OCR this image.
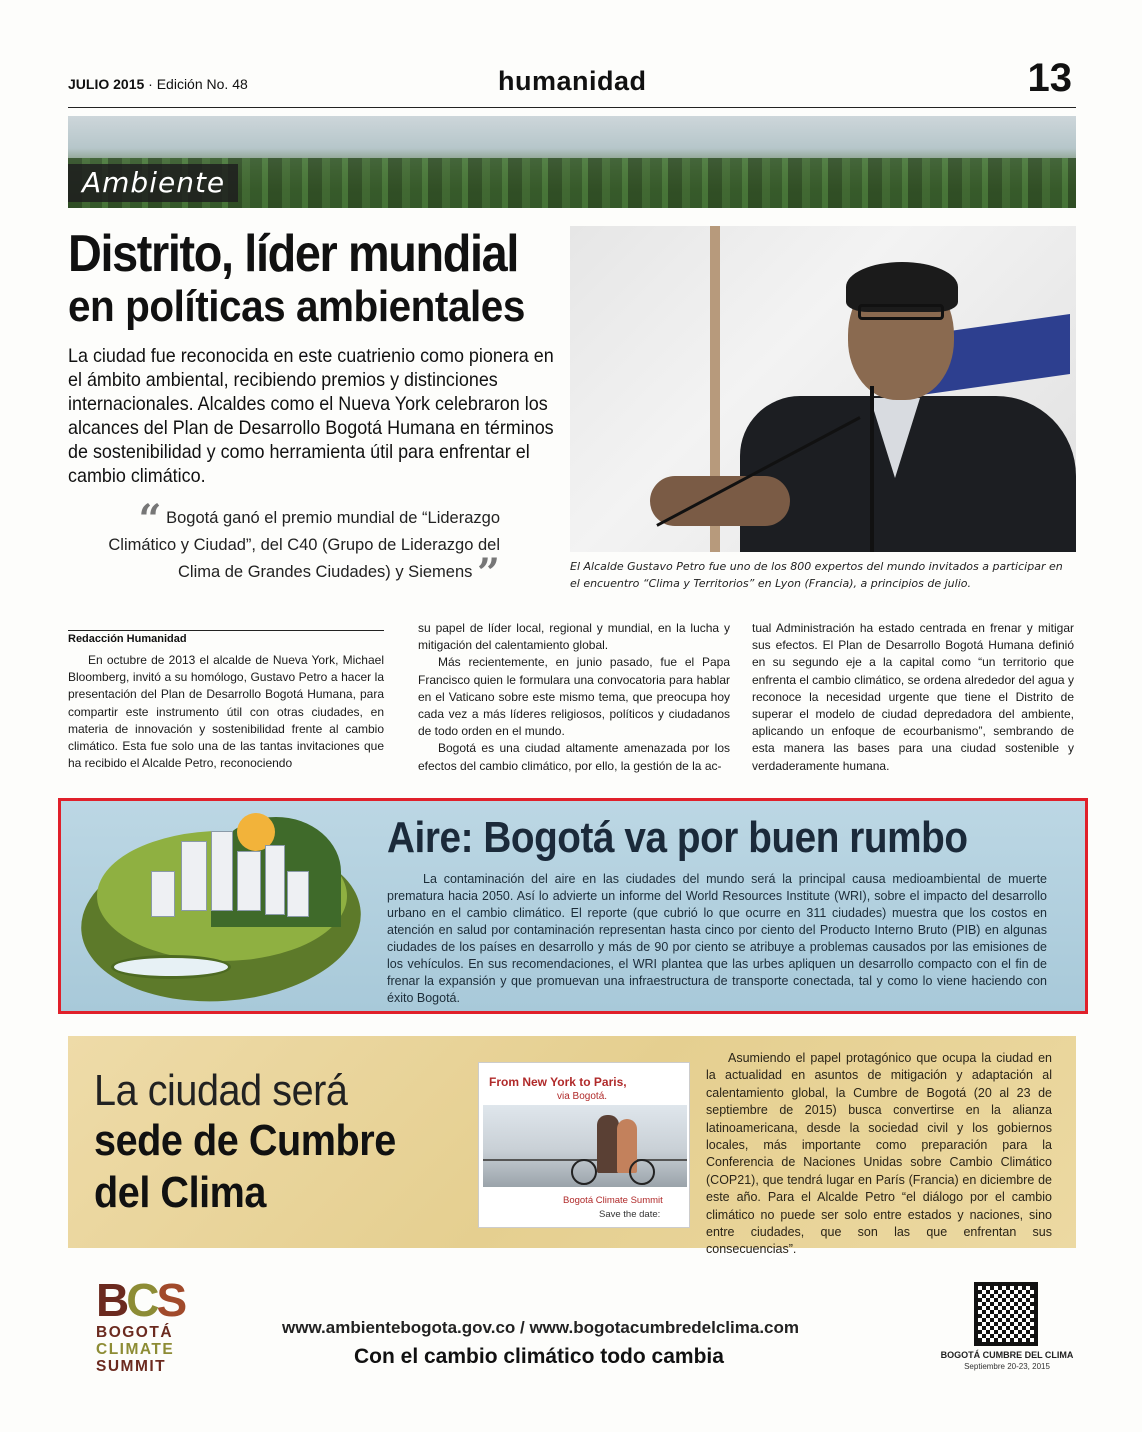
JULIO 2015 · Edición No. 48	humanidad	13
Ambiente
Distrito, líder mundial
en políticas ambientales

La ciudad fue reconocida en este cuatrienio como pionera en el ámbito ambiental, recibiendo premios y distinciones internacionales. Alcaldes como el Nueva York celebraron los alcances del Plan de Desarrollo Bogotá Humana en términos de sostenibilidad y como herramienta útil para enfrentar el cambio climático.

“ Bogotá ganó el premio mundial de “Liderazgo Climático y Ciudad”, del C40 (Grupo de Liderazgo del Clima de Grandes Ciudades) y Siemens ”	El Alcalde Gustavo Petro fue uno de los 800 expertos del mundo invitados a participar en el encuentro “Clima y Territorios” en Lyon (Francia), a principios de julio.

Redacción Humanidad

En octubre de 2013 el alcalde de Nueva York, Michael Bloomberg, invitó a su homólogo, Gustavo Petro a hacer la presentación del Plan de Desarrollo Bogotá Humana, para compartir este instrumento útil con otras ciudades, en materia de innovación y sostenibilidad frente al cambio climático. Esta fue solo una de las tantas invitaciones que ha recibido el Alcalde Petro, reconociendo

su papel de líder local, regional y mundial, en la lucha y mitigación del calentamiento global.

Más recientemente, en junio pasado, fue el Papa Francisco quien le formulara una convocatoria para hablar en el Vaticano sobre este mismo tema, que preocupa hoy cada vez a más líderes religiosos, políticos y ciudadanos de todo orden en el mundo.

Bogotá es una ciudad altamente amenazada por los efectos del cambio climático, por ello, la gestión de la ac-

tual Administración ha estado centrada en frenar y mitigar sus efectos. El Plan de Desarrollo Bogotá Humana definió en su segundo eje a la capital como “un territorio que enfrenta el cambio climático, se ordena alrededor del agua y reconoce la necesidad urgente que tiene el Distrito de superar el modelo de ciudad depredadora del ambiente, aplicando un enfoque de ecourbanismo”, sembrando de esta manera las bases para una ciudad sostenible y verdaderamente humana.

Aire: Bogotá va por buen rumbo

La contaminación del aire en las ciudades del mundo será la principal causa medioambiental de muerte prematura hacia 2050. Así lo advierte un informe del World Resources Institute (WRI), sobre el impacto del desarrollo urbano en el cambio climático. El reporte (que cubrió lo que ocurre en 311 ciudades) muestra que los costos en atención en salud por contaminación representan hasta cinco por ciento del Producto Interno Bruto (PIB) en algunas ciudades de los países en desarrollo y más de 90 por ciento se atribuye a problemas causados por las emisiones de los vehículos. En sus recomendaciones, el WRI plantea que las urbes apliquen un desarrollo compacto con el fin de frenar la expansión y que promuevan una infraestructura de transporte conectada, tal y como lo viene haciendo con éxito Bogotá.

La ciudad será
sede de Cumbre
del Clima
From New York to Paris,
via Bogotá.
Bogotá Climate Summit
Save the date:

Asumiendo el papel protagónico que ocupa la ciudad en la actualidad en asuntos de mitigación y adaptación al calentamiento global, la Cumbre de Bogotá (20 al 23 de septiembre de 2015) busca convertirse en la alianza latinoamericana, desde la sociedad civil y los gobiernos locales, más importante como preparación para la Conferencia de Naciones Unidas sobre Cambio Climático (COP21), que tendrá lugar en París (Francia) en diciembre de este año. Para el Alcalde Petro “el diálogo por el cambio climático no puede ser solo entre estados y naciones, sino entre ciudades, que son las que enfrentan sus consecuencias”.

BCS
BOGOTÁ
CLIMATE
SUMMIT
www.ambientebogota.gov.co / www.bogotacumbredelclima.com
Con el cambio climático todo cambia	BOGOTÁ CUMBRE DEL CLIMA
Septiembre 20-23, 2015
